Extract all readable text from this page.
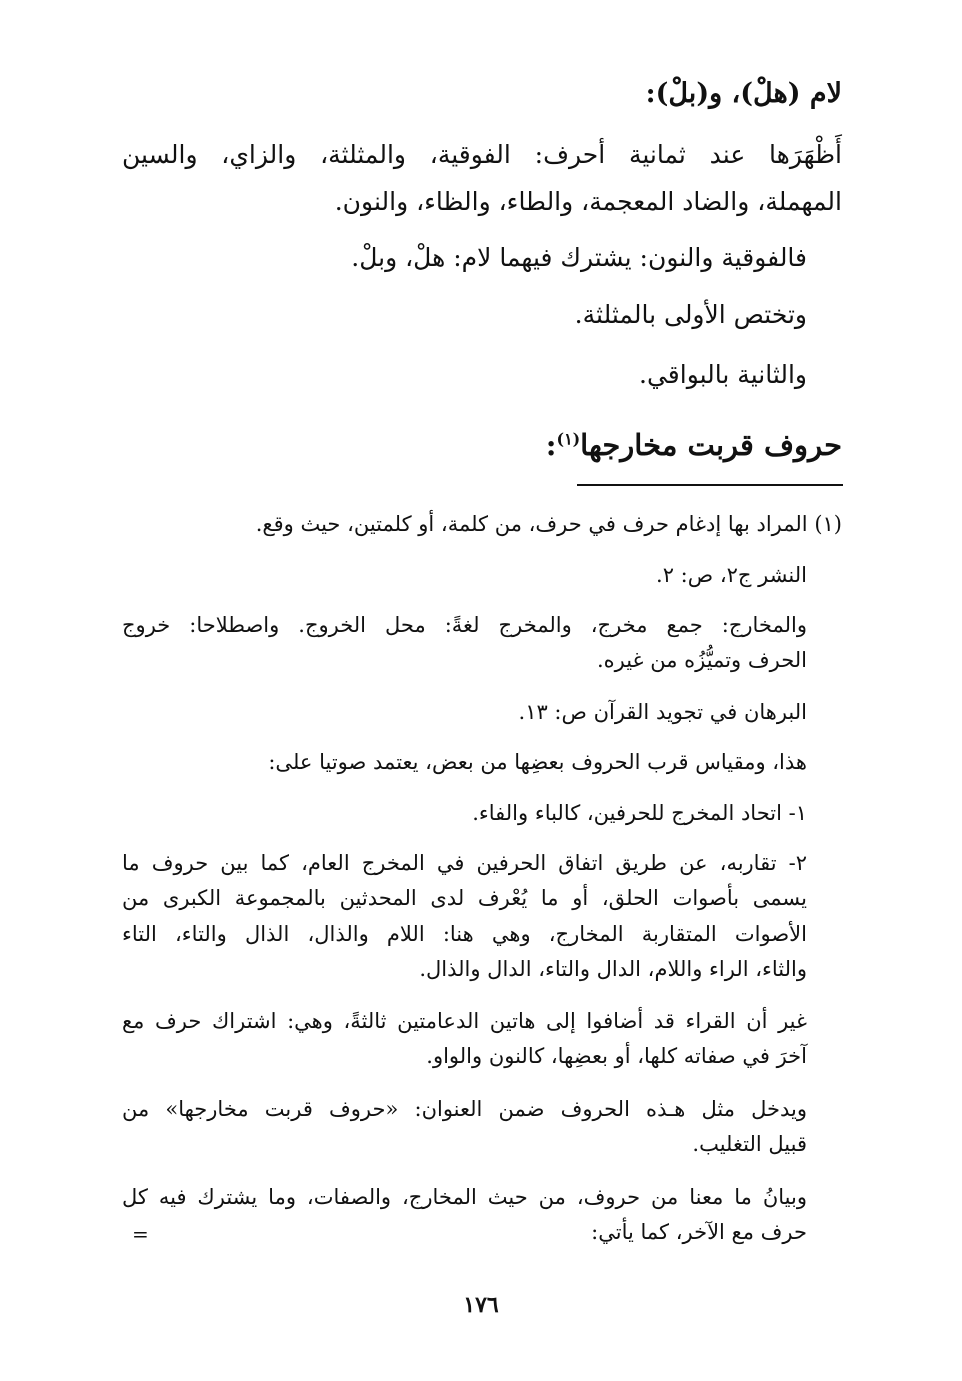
لام (هلْ)، و(بلْ):
أَظْهَرَها عند ثمانية أحرف: الفوقية، والمثلثة، والزاي، والسين
المهملة، والضاد المعجمة، والطاء، والظاء، والنون.
فالفوقية والنون: يشترك فيهما لام: هلْ، وبلْ.
وتختص الأولى بالمثلثة.
والثانية بالبواقي.
حروف قربت مخارجها$^{(١)}$:
(١) المراد بها إدغام حرف في حرف، من كلمة، أو كلمتين، حيث وقع.
النشر ج٢، ص: ٢.
والمخارج: جمع مخرج، والمخرج لغةً: محل الخروج. واصطلاحا: خروج
الحرف وتميُّزُه من غيره.
البرهان في تجويد القرآن ص: ١٣.
هذا، ومقياس قرب الحروف بعضِها من بعض، يعتمد صوتيا على:
١- اتحاد المخرج للحرفين، كالباء والفاء.
٢- تقاربه، عن طريق اتفاق الحرفين في المخرج العام، كما بين حروف ما
يسمى بأصوات الحلق، أو ما يُعْرف لدى المحدثين بالمجموعة الكبرى من
الأصوات المتقاربة المخارج، وهي هنا: اللام والذال، الذال والتاء، التاء
والثاء، الراء واللام، الدال والتاء، الدال والذال.
غير أن القراء قد أضافوا إلى هاتين الدعامتين ثالثةً، وهي: اشتراك حرف مع
آخرَ في صفاته كلها، أو بعضِها، كالنون والواو.
ويدخل مثل هـذه الحروف ضمن العنوان: «حروف قربت مخارجها» من
قبيل التغليب.
وبيانُ ما معنا من حروف، من حيث المخارج، والصفات، وما يشترك فيه كل
حرف مع الآخر، كما يأتي:
=
١٧٦
